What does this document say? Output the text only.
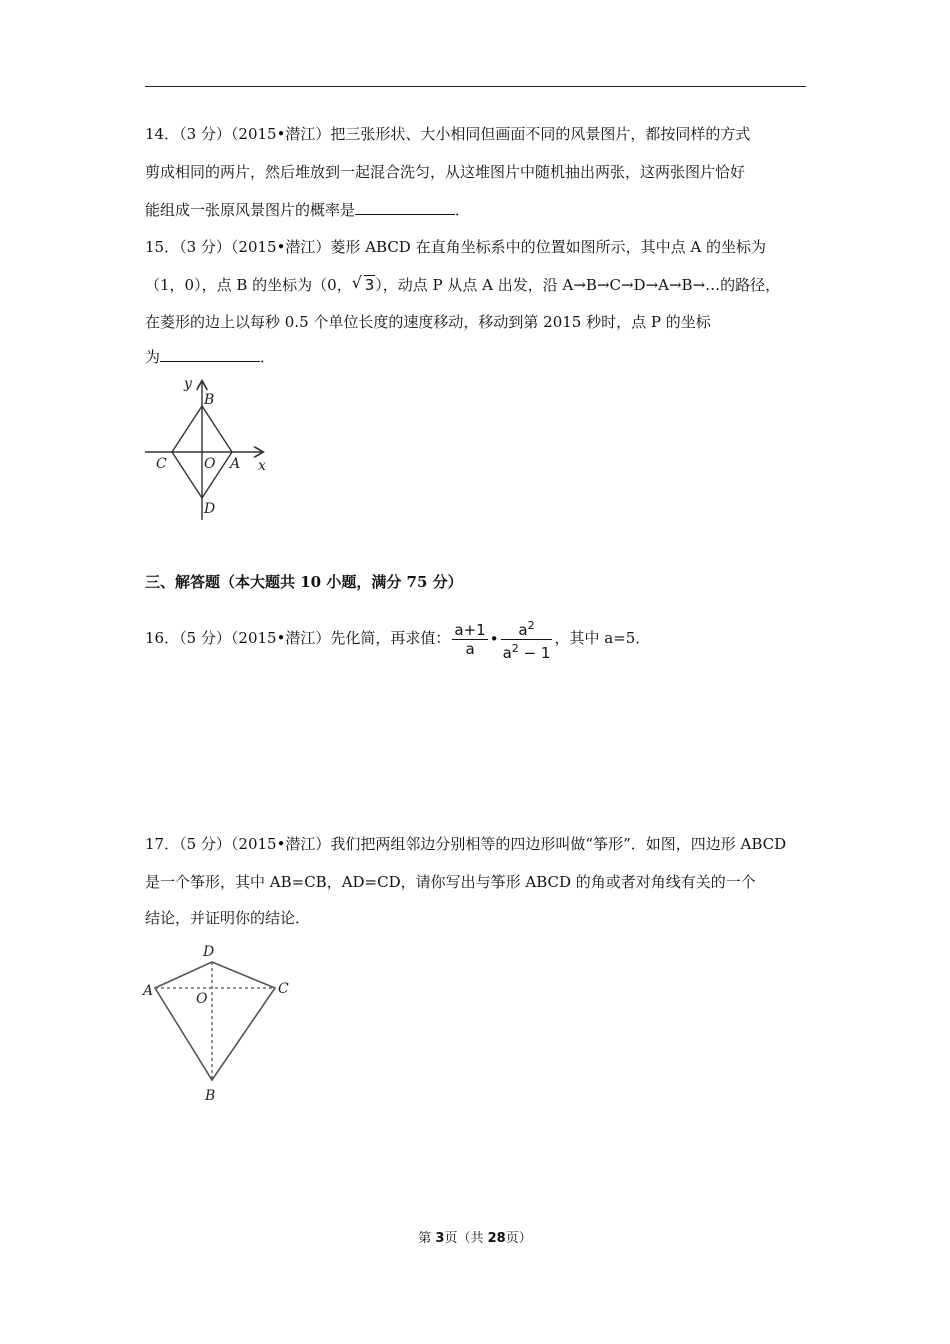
14．（3 分）（2015•潜江）把三张形状、大小相同但画面不同的风景图片，都按同样的方式
剪成相同的两片，然后堆放到一起混合洗匀，从这堆图片中随机抽出两张，这两张图片恰好
能组成一张原风景图片的概率是	．
15．（3 分）（2015•潜江）菱形 ABCD 在直角坐标系中的位置如图所示，其中点 A 的坐标为
（1，0），点 B 的坐标为（0， √ 3），动点 P 从点 A 出发，沿 A→B→C→D→A→B→…的路径，
在菱形的边上以每秒 0.5 个单位长度的速度移动，移动到第 2015 秒时，点 P 的坐标
为	．
y
x
B
C	O A
D
三、解答题（本大题共 10 小题，满分 75 分）
16．（5 分）（2015•潜江）先化简，再求值： $\frac{a+1}{a}$ • $\frac{a^2}{a^2 - 1}$ ，其中 a=5．
17．（5 分）（2015•潜江）我们把两组邻边分别相等的四边形叫做“筝形”．如图，四边形 ABCD
是一个筝形，其中 AB=CB，AD=CD，请你写出与筝形 ABCD 的角或者对角线有关的一个
结论，并证明你的结论．
D
A	O
C
B
第 3页（共 28页）
